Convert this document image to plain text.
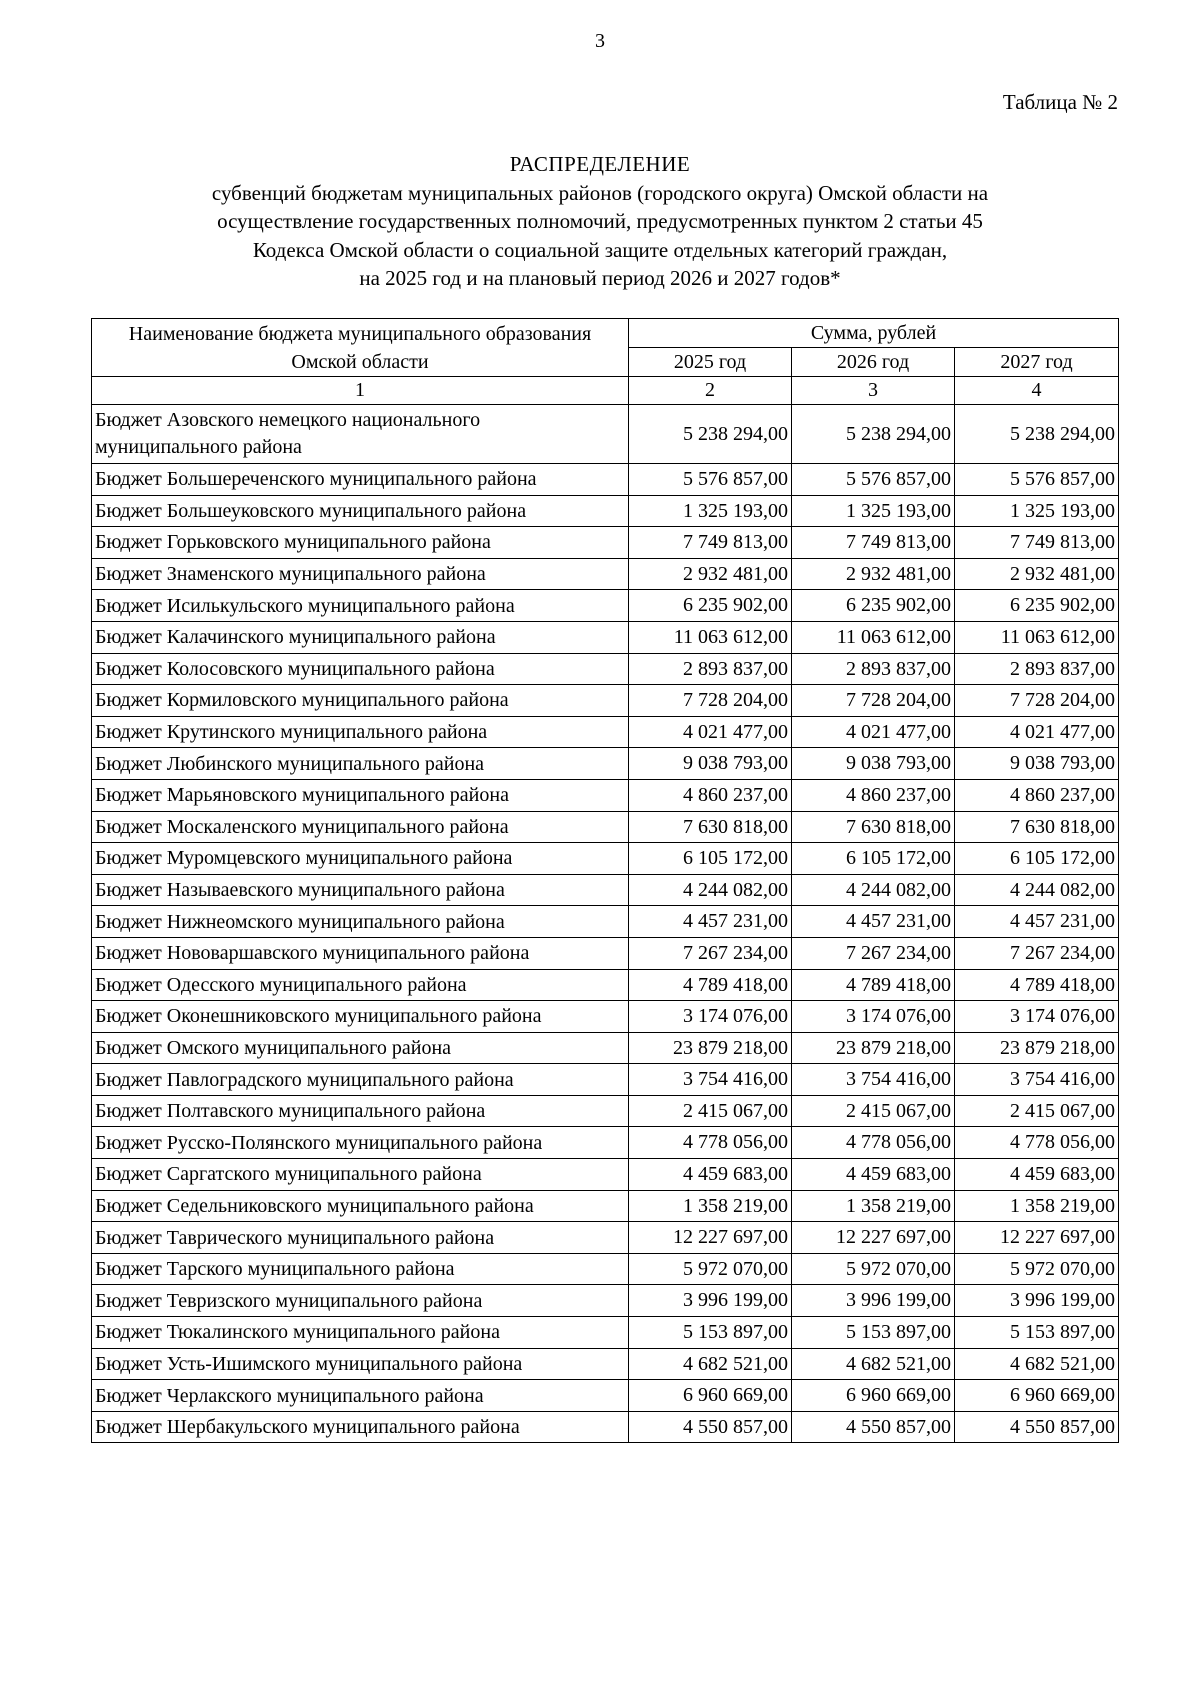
3
Таблица № 2
РАСПРЕДЕЛЕНИЕ
субвенций бюджетам муниципальных районов (городского округа) Омской области на
осуществление государственных полномочий, предусмотренных пунктом 2 статьи 45
Кодекса Омской области о социальной защите отдельных категорий граждан,
на 2025 год и на плановый период 2026 и 2027 годов*
Наименование бюджета муниципального образования Омской области	Сумма, рублей		
	2025 год	2026 год	2027 год
1	2	3	4
Бюджет Азовского немецкого национального муниципального района	5 238 294,00	5 238 294,00	5 238 294,00
Бюджет Большереченского муниципального района	5 576 857,00	5 576 857,00	5 576 857,00
Бюджет Большеуковского муниципального района	1 325 193,00	1 325 193,00	1 325 193,00
Бюджет Горьковского муниципального района	7 749 813,00	7 749 813,00	7 749 813,00
Бюджет Знаменского муниципального района	2 932 481,00	2 932 481,00	2 932 481,00
Бюджет Исилькульского муниципального района	6 235 902,00	6 235 902,00	6 235 902,00
Бюджет Калачинского муниципального района	11 063 612,00	11 063 612,00	11 063 612,00
Бюджет Колосовского муниципального района	2 893 837,00	2 893 837,00	2 893 837,00
Бюджет Кормиловского муниципального района	7 728 204,00	7 728 204,00	7 728 204,00
Бюджет Крутинского муниципального района	4 021 477,00	4 021 477,00	4 021 477,00
Бюджет Любинского муниципального района	9 038 793,00	9 038 793,00	9 038 793,00
Бюджет Марьяновского муниципального района	4 860 237,00	4 860 237,00	4 860 237,00
Бюджет Москаленского муниципального района	7 630 818,00	7 630 818,00	7 630 818,00
Бюджет Муромцевского муниципального района	6 105 172,00	6 105 172,00	6 105 172,00
Бюджет Называевского муниципального района	4 244 082,00	4 244 082,00	4 244 082,00
Бюджет Нижнеомского муниципального района	4 457 231,00	4 457 231,00	4 457 231,00
Бюджет Нововаршавского муниципального района	7 267 234,00	7 267 234,00	7 267 234,00
Бюджет Одесского муниципального района	4 789 418,00	4 789 418,00	4 789 418,00
Бюджет Оконешниковского муниципального района	3 174 076,00	3 174 076,00	3 174 076,00
Бюджет Омского муниципального района	23 879 218,00	23 879 218,00	23 879 218,00
Бюджет Павлоградского муниципального района	3 754 416,00	3 754 416,00	3 754 416,00
Бюджет Полтавского муниципального района	2 415 067,00	2 415 067,00	2 415 067,00
Бюджет Русско-Полянского муниципального района	4 778 056,00	4 778 056,00	4 778 056,00
Бюджет Саргатского муниципального района	4 459 683,00	4 459 683,00	4 459 683,00
Бюджет Седельниковского муниципального района	1 358 219,00	1 358 219,00	1 358 219,00
Бюджет Таврического муниципального района	12 227 697,00	12 227 697,00	12 227 697,00
Бюджет Тарского муниципального района	5 972 070,00	5 972 070,00	5 972 070,00
Бюджет Тевризского муниципального района	3 996 199,00	3 996 199,00	3 996 199,00
Бюджет Тюкалинского муниципального района	5 153 897,00	5 153 897,00	5 153 897,00
Бюджет Усть-Ишимского муниципального района	4 682 521,00	4 682 521,00	4 682 521,00
Бюджет Черлакского муниципального района	6 960 669,00	6 960 669,00	6 960 669,00
Бюджет Шербакульского муниципального района	4 550 857,00	4 550 857,00	4 550 857,00
